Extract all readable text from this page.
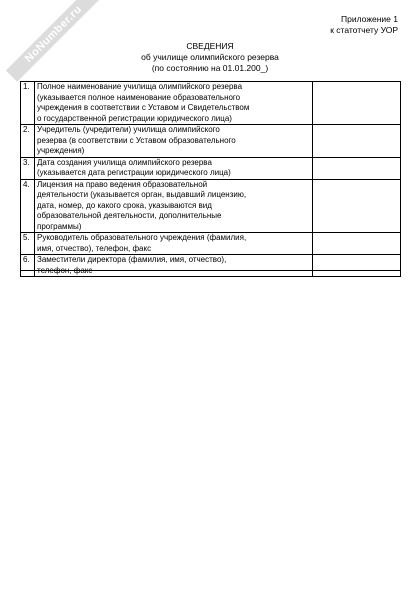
NoNumber.ru	Приложение 1
к статотчету УОР
СВЕДЕНИЯ
об училище олимпийского резерва
(по состоянию на 01.01.200_)
1.	Полное наименование училища олимпийского резерва
(указывается полное наименование образовательного
учреждения в соответствии с Уставом и Свидетельством
о государственной регистрации юридического лица)	

2.	Учредитель (учредители) училища олимпийского
резерва (в соответствии с Уставом образовательного
учреждения)	

3.	Дата создания училища олимпийского резерва
(указывается дата регистрации юридического лица)	

4.	Лицензия на право ведения образовательной
деятельности (указывается орган, выдавший лицензию,
дата, номер, до какого срока, указываются вид
образовательной деятельности, дополнительные
программы)	

5.	Руководитель образовательного учреждения (фамилия,
имя, отчество), телефон, факс	

6.	Заместители директора (фамилия, имя, отчество),
телефон, факс	
